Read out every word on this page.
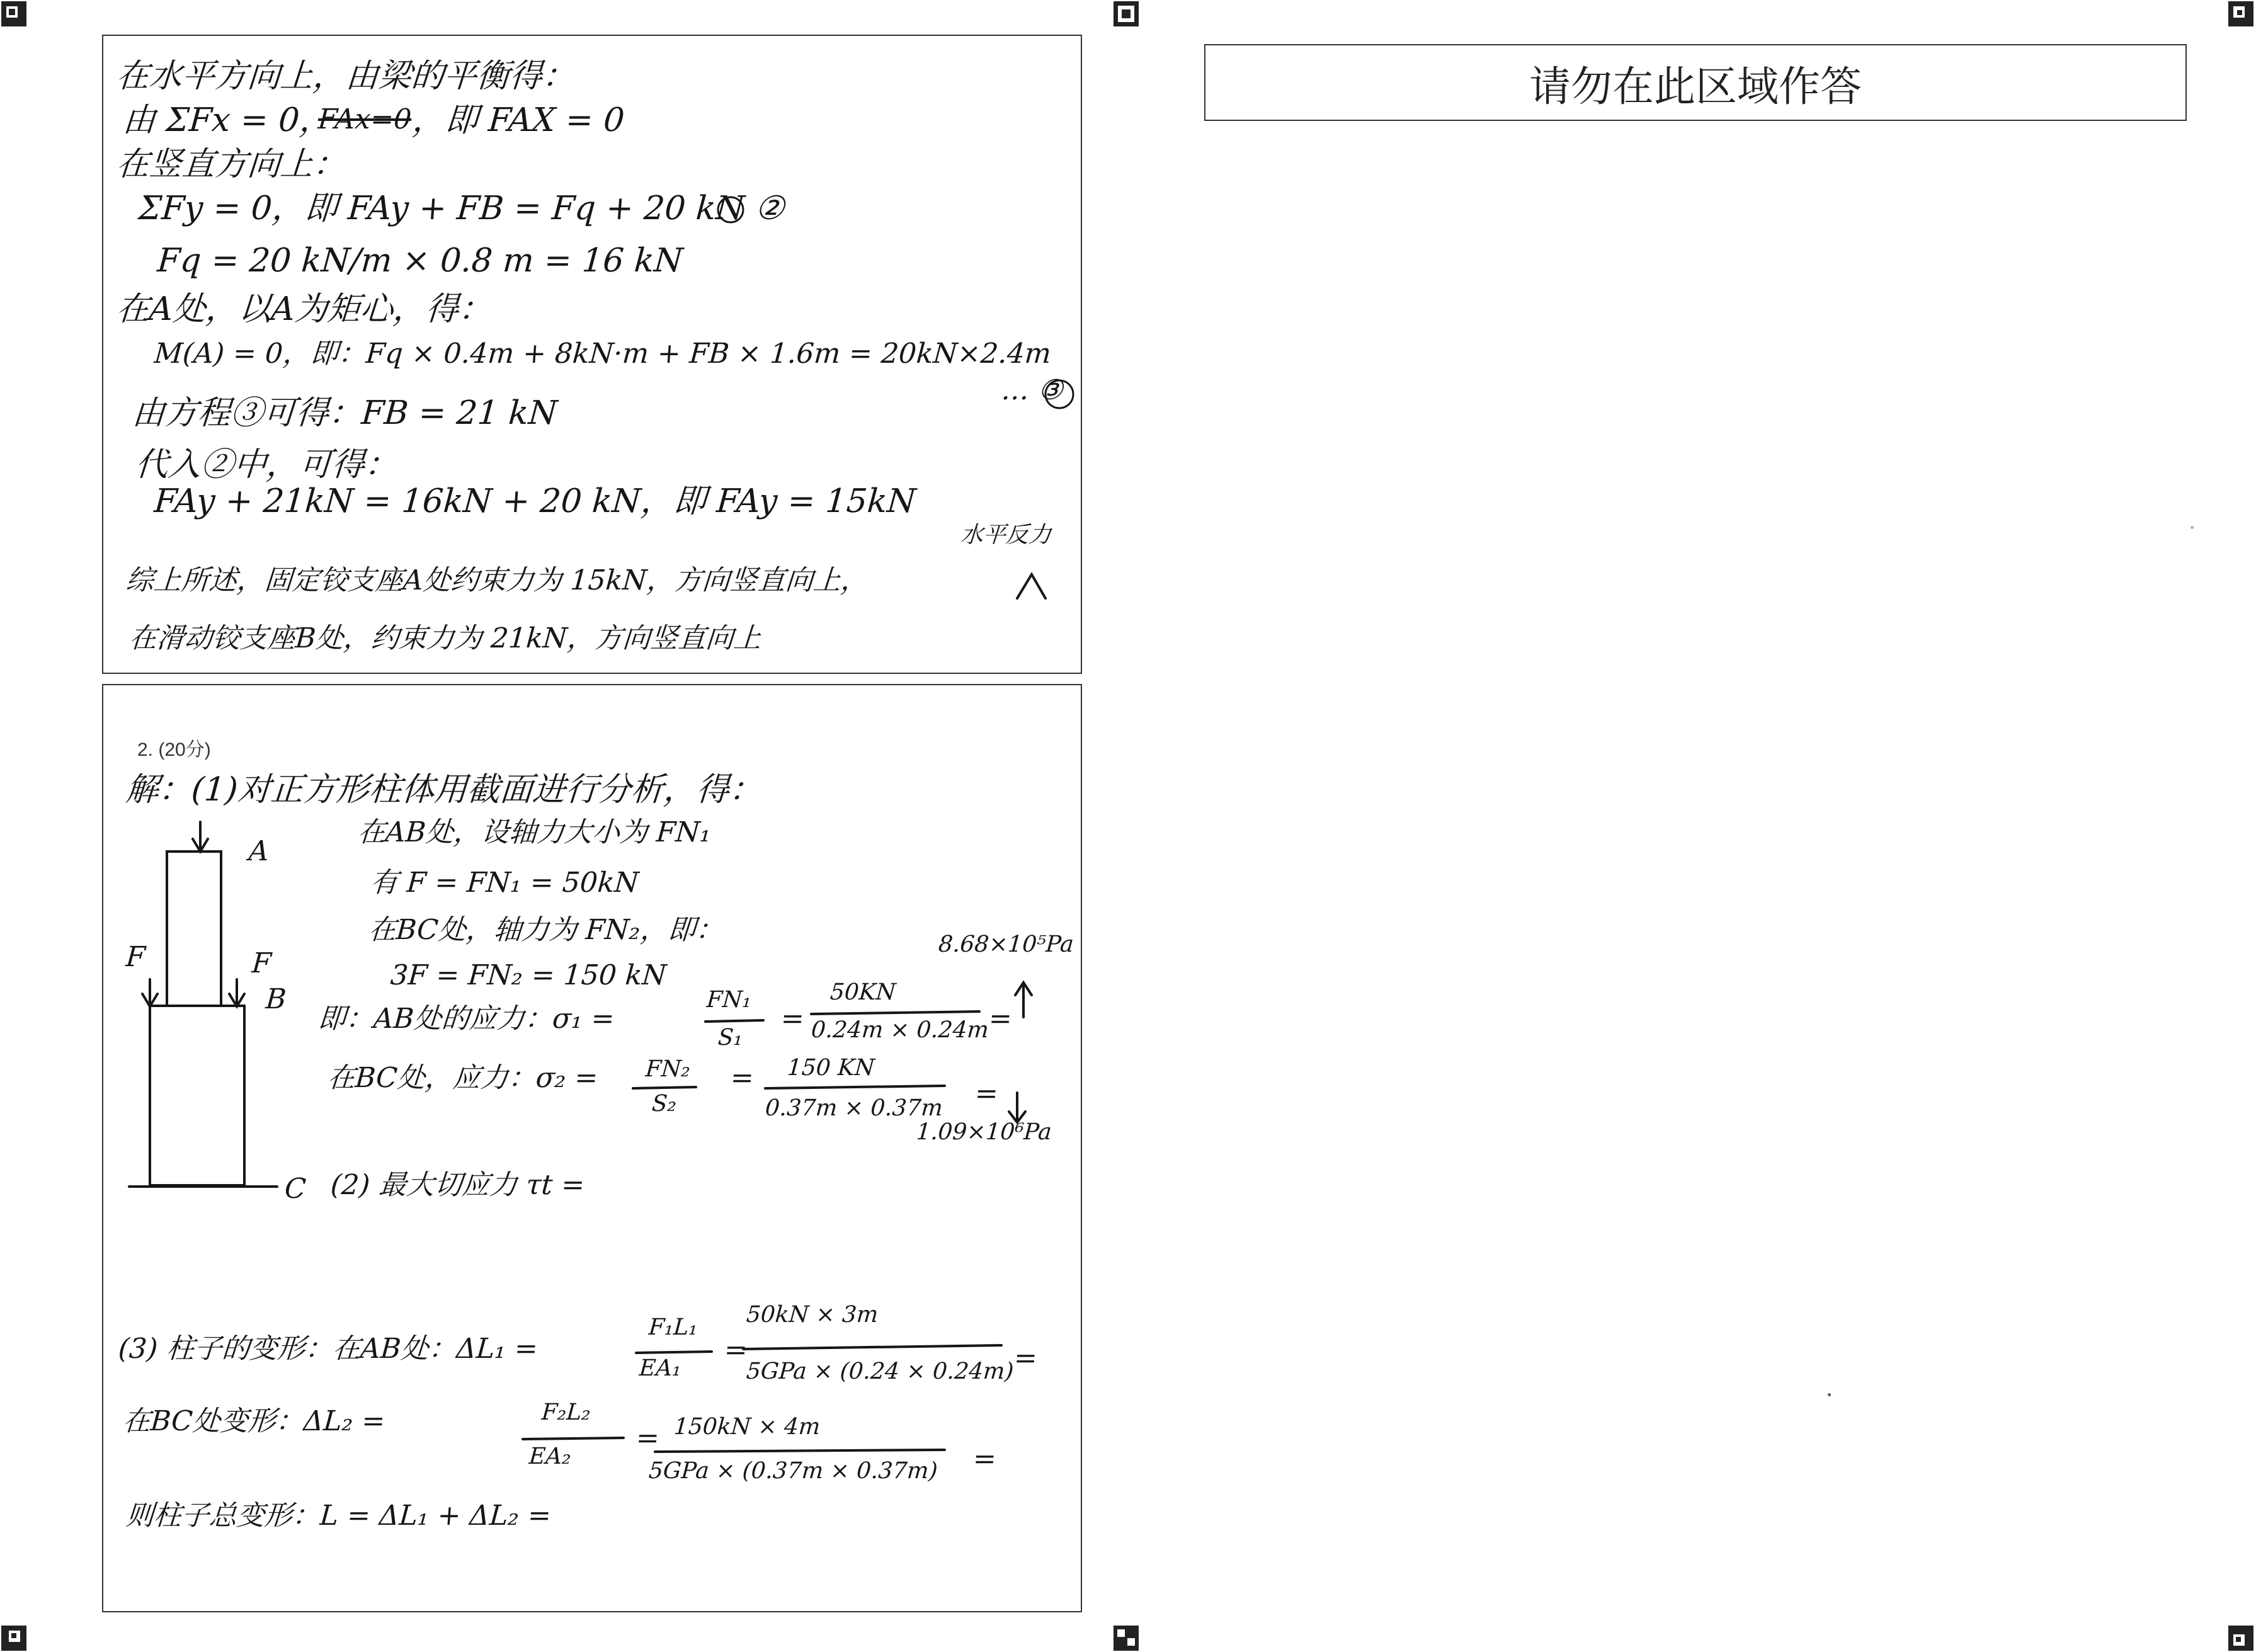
在水平方向上，由梁的平衡得：
由 ΣFx = 0，
FAx=0
，即 FAX = 0
在竖直方向上：
ΣFy = 0，即 FAy + FB = Fq + 20 kN ②
Fq = 20 kN/m × 0.8 m = 16 kN
在A处，以A为矩心，得：
M(A) = 0，即：Fq × 0.4m + 8kN·m + FB × 1.6m = 20kN×2.4m
… ③
由方程③可得：FB = 21 kN
代入②中，可得：
FAy + 21kN = 16kN + 20 kN，即 FAy = 15kN
水平反力
综上所述，固定铰支座A处约束力为 15kN，方向竖直向上，
在滑动铰支座B处，约束力为 21kN，方向竖直向上
2. (20分)
解：(1)对正方形柱体用截面进行分析，得：
在AB处，设轴力大小为 FN₁
有 F = FN₁ = 50kN
在BC处，轴力为 FN₂，即：
3F = FN₂ = 150 kN
即：AB处的应力：σ₁ =
FN₁
S₁
=
50KN
0.24m × 0.24m
=
8.68×10⁵Pa
在BC处，应力：σ₂ = FN₂
S₂
= 150 KN
0.37m × 0.37m =
1.09×10⁶Pa
(2) 最大切应力 τt =
(3) 柱子的变形：在AB处：ΔL₁ =
F₁L₁
EA₁
=
50kN × 3m
5GPa × (0.24 × 0.24m)
=
在BC处变形：ΔL₂ =	F₂L₂
EA₂
= 150kN × 4m
5GPa × (0.37m × 0.37m) =
则柱子总变形：L = ΔL₁ + ΔL₂ =
A
F	F
B
C
请勿在此区域作答
